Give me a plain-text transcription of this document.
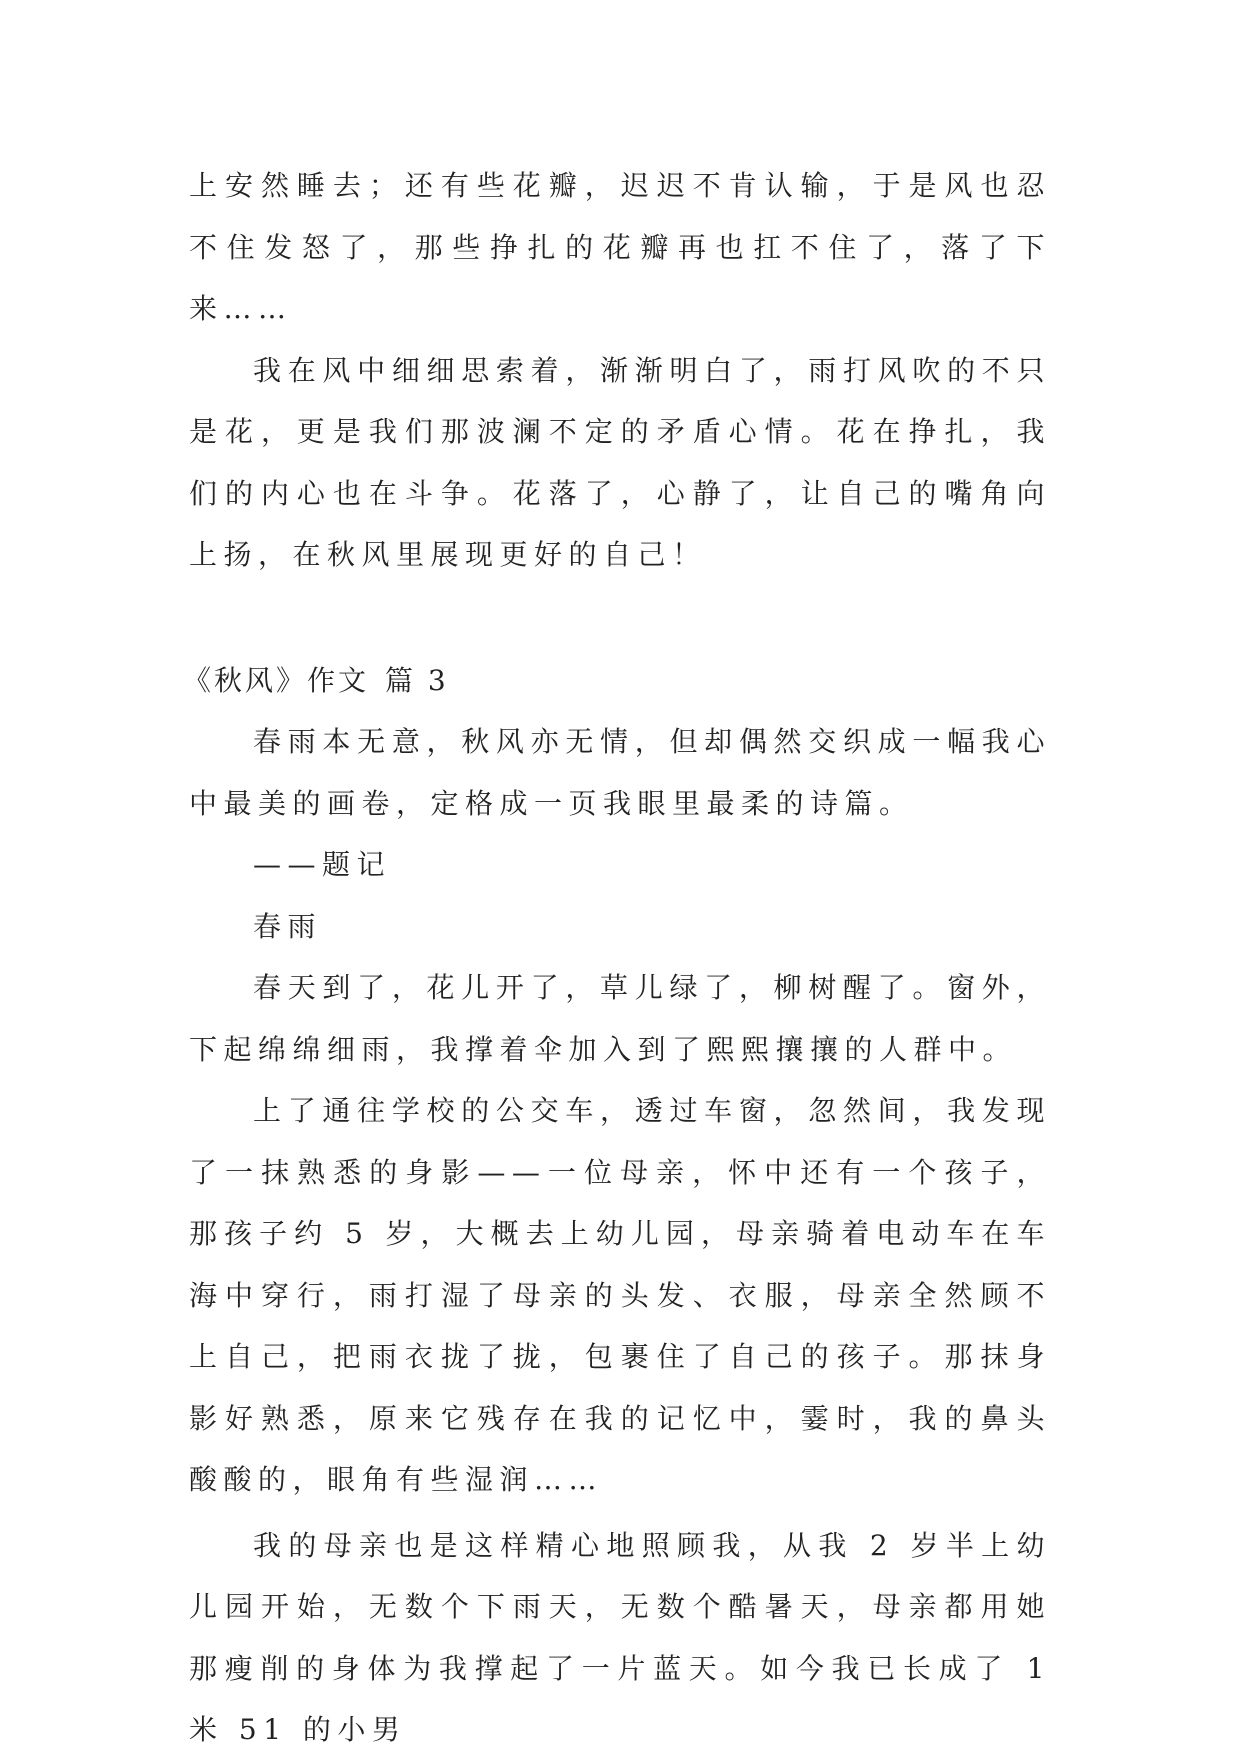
上安然睡去；还有些花瓣，迟迟不肯认输，于是风也忍不住发怒了，那些挣扎的花瓣再也扛不住了，落了下来……

我在风中细细思索着，渐渐明白了，雨打风吹的不只是花，更是我们那波澜不定的矛盾心情。花在挣扎，我们的内心也在斗争。花落了，心静了，让自己的嘴角向上扬，在秋风里展现更好的自己！

《秋风》作文 篇 3

春雨本无意，秋风亦无情，但却偶然交织成一幅我心中最美的画卷，定格成一页我眼里最柔的诗篇。

——题记

春雨

春天到了，花儿开了，草儿绿了，柳树醒了。窗外，下起绵绵细雨，我撑着伞加入到了熙熙攘攘的人群中。

上了通往学校的公交车，透过车窗，忽然间，我发现了一抹熟悉的身影——一位母亲，怀中还有一个孩子，那孩子约 5 岁，大概去上幼儿园，母亲骑着电动车在车海中穿行，雨打湿了母亲的头发、衣服，母亲全然顾不上自己，把雨衣拢了拢，包裹住了自己的孩子。那抹身影好熟悉，原来它残存在我的记忆中，霎时，我的鼻头酸酸的，眼角有些湿润……

我的母亲也是这样精心地照顾我，从我 2 岁半上幼儿园开始，无数个下雨天，无数个酷暑天，母亲都用她那瘦削的身体为我撑起了一片蓝天。如今我已长成了 1 米 51 的小男
